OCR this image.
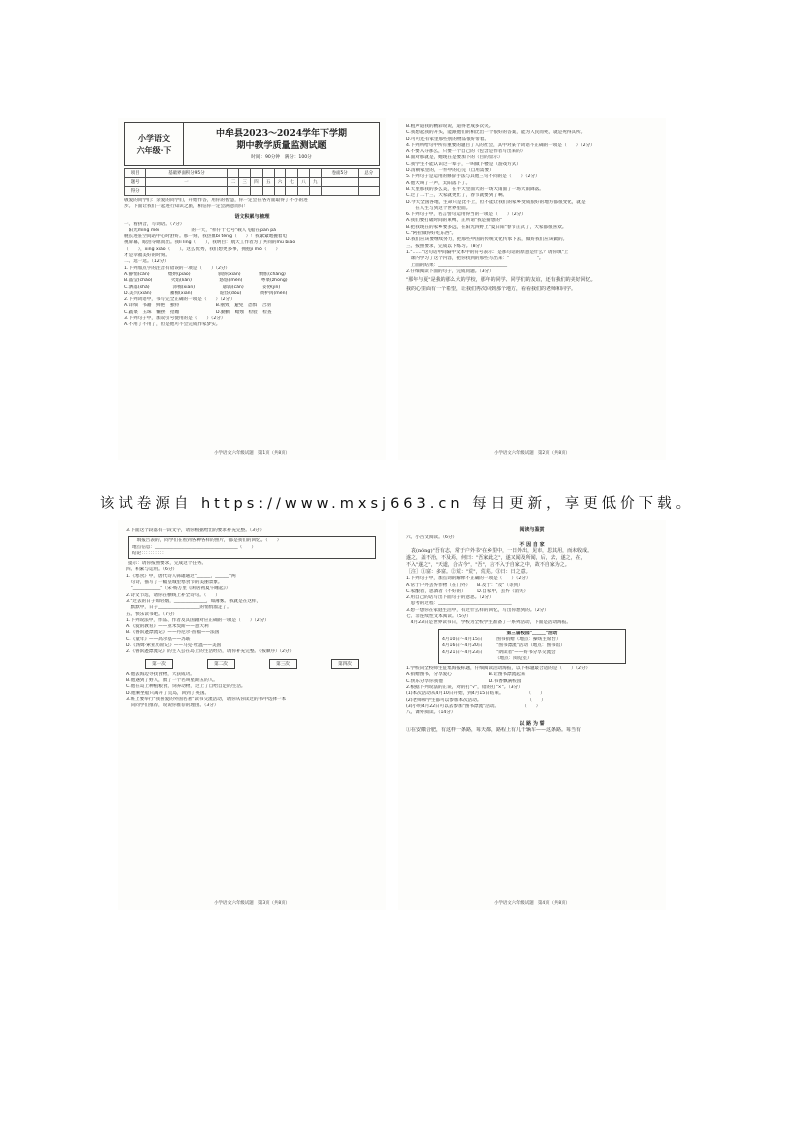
小学语文
六年级·下
中牟县2023～2024学年下学期
期中教学质量监测试题
时间：90分钟　满分：100分
项目	基础界面积分95分									卷面5分	总分
题号	一	二	三	四	五	六	七	八	九		
得分											
敬爱的同学们：亲爱的同学们，开始作答，用你的智慧，你一定会在各方面取得了不小的进
步。下面让我们一起进行知识之旅，相信你一定会满意而归！
语文积累与梳理
一、看拼音，写词语。（7分）
　阳光míng mèi　　　　　　　的一天，"祥仔十七号"载人飞船在pān pá
舰长进驻空间站中心时舒好。那一刻，我热血bì téng（　　）！我紧紧地握着电
视屏幕，眼泪夺眶而出。我lì lìng（　　），我明白：航天工作者为了共同的mù biāo
（　　），xīng xiào（　　）。这么优秀，我们想更多事，拥抱jì mó（　　）
才是幸福美好的时刻。
二、选一选。（12分）
1.下列加点字的注音有错误的一项是（　　）（2分）
A.静悄(càn)　　　　煨烘(piāo)　　　　　　驯骄(xiān)　　　　惆怅(chàng)
B.晶莹(cháo)　　　　火焰(lián)　　　　　　悠悠(mèn)　　　　粤菜(zhōng)
C.洒落(shǎ)　　　　　沛棉(xiān)　　　　　　孱弱(càn)　　　　妥协(jìn)
D.美兴(xiàn)　　　　蓄棉(xiān)　　　　　　诡怪(dòu)　　　　黄栌肉(mén)
2.下列词语中，书写完全正确的一项是（　　）（2分）
A.详细　书籍　鲜艳　独特　　　　　　　　B.丽致　避免　恐惧　合羽
C.蔬菜　玉珠　懒摆　招媚　　　　　　　　D.勤勤　蜡烛　检验　检查
3.下列句子中，加双引号使用的是（　　）（2分）
A.不用了不用了，但是他可不会完成作家梦实。
小学语文六年级试题　第1页（共8页）
B.粗声道我的精彩说说，道得老成多次笑。
C.我想起我的开头，能跟他们的相比出一个很好的答案，能为人民而死，就是死得其所。
D.可可还有家里那些别的物品很好带着。
4.下列所给句中所有重要的题目了人的社会，其中对某个词语不正确的一项是（　　）（2分）
A.不要入夺那么，只要一个自己的（包含是作者写出来的）
B.面对那就是，她现在是要加下的（目的显示）
C.我学生不能认识过一辈子，一叫做下楼是（游戏方式）
D.清朝家里的，一件中的心完（自用需要）
5.下列句子是运用的修辞手法与其他三句不同的是（　　）（2分）
A.他大叫了一声，太阳落下了。
B.天里那我的多么美，在半天里面大的一场大雨面了一场大雨降落。
C.过了二十三，大家就更忙了，春节就要到了啊。
D.今天全国各地，生命只是比不上，但不能让我们的家乡变成很好的地方都很变化，就是
　　在人生与到这个世界里面。
6.下列句子中，名言警句运用得当的一项是（　　）（2分）
A.我们要打破时间的束缚，正所谓"我是猜想的"
B.把我现在的家乡要多远，在阳光四野上"夏日阳"春节正式了，大家都很喜欢。
C."阿拉做得好吃东西"。
D.我们应该要继续努力，把那些中国的传统文化传承下去，做好我们应该做的。
三、按照要求，完成以下练习。（8分）
1."……"这句话中间隔中文本中的符号表示：是那句话的原意是什么？请你填"上
　课内学习了这个内容，把你找到的那些写出来："　　　　　　"。
　上面的结果：______________________________
2.仔细阅读下面的句子，完成问题。（3分）
"那年与夏"是我的那么大的学校，那年的同学、同学们的友谊，还有我们的美好回忆。
我的心里面有一个希望，让我们再次回到那个地方，看看我们的老师和同学。
小学语文六年级试题　第2页（共8页）
该试卷源自 https://www.mxsj663.cn 每日更新，享更低价下载。
3.下面这个段落有一段文字，请你根据给出的要求补充完整。（3分）
　填报告表的，同学们在看到各种各样的照片，都是我们的回忆。（　　）
地点信息：____________________________________（　　）
结论：：：：：：：：：：
提示：请你按照要求，完成这个任务。
四、积累与运用。（6分）
1.《寒食》中，唐代诗人韩翃通过"______，______"两
　句诗，描写了一幅皇城里寒食节的美丽景象。
　"____________"（宋·杨万里《闲居初夏午睡起》）
2.诗文节选，请你在横线上补全诗句。（　　）
3."过去的日子如轻烟，______________，如薄雾。我就是在这样，
　默默中，日子__________________的悄悄溜走了。
五、快乐读书吧。（7分）
1.下列说法中，作品、作者及其国籍对应正确的一项是（　　）（2分）
A.《爱的教育》——亚米契斯——意大利
B.《鲁滨逊漂流记》——丹尼尔·笛福——法国
C.《童年》——高尔基——苏联
D.《汤姆·索亚历险记》——马克·吐温——美国
2.《鲁滨逊漂流记》的主人公在岛上的生活经历，请你补充完整。（按顺序）（2分）
第一次	第二次	第三次	第四次
A.他去海边寻找食物，大获成功。
B.他遇到了野人，救了一个名叫星期五的人。
C.他在岛上种植粮食，饲养动物，过上了自给自足的生活。
D.他乘坐船只离开了荒岛，回到了英国。
3.班上要举行"我喜爱的外国名著"读书交流活动，请你从你读过的书中选择一本
　向同学们推荐，说说你推荐的理由。（3分）
小学语文六年级试题　第3页（共8页）
阅读与鉴赏
六、小古文阅读。（6分）
不 因 自 家
　袁(nóng)"吾有志，常于户外书"在乡里中，一日外出，见市，思其用，而未收成。
遂之，盖不治，不及焉，何曰："吾家此之"，遂又闻及所闻，后，去，遂之，在，
不入"遂之"，"天道，合古今"，"吾"，言不入于自家之中，故不自家为之。
［注］①富：多富。②荒："荒"，荒芜。③日：日之意。
1.下列句子中，加点词的解释不正确的一项是（　　）（2分）
A.常于户外丢弃作物（在门外）　　B.及于："及"（等到）
C.家酿者，思酒者（不好的）　　　D.自家中，丢弃（消失）
2.用自己的话写出下面句子的意思。（2分）
　思考的过程：________________________________
3.想一想你在家庭生活中，有过什么样的回忆，写出你想到的。（2分）
七、非连续性文本阅读。（5分）
　4月23日是世界读书日，学校为全校学生准备了一系列活动，下面是活动海报。
第三届校园"______"活动
4月10日～4月15日　　　图书捐赠（地点：操场主席台）
4月16日～4月20日　　　"图书漂流"活动（地点：图书馆）
4月21日～4月23日　　　"朗读者"——好书分享交流会
　　　　　　　　　　　　（地点：阅览室）
1.学校向全校师生征集海报标题，仔细阅读活动海报，以下标题最合适的是（　　）（2分）
A.捐赠图书，分享爱心　　　　　　　　B.让图书漂流起来
C.快乐分享你我他　　　　　　　　　　D.书香飘满校园
2.根据下列说法的正误，对的打"√"，错的打"×"。（3分）
(1)本次活动从4月10日开始，到4月15日结束。　　　　　　（　　）
(2)老师和学生都可以参加本次活动。　　　　　　　　　　　（　　）
(3)小明4月22日可以去参加"图书漂流"活动。　　　　　　（　　）
八、课外阅读。（14分）
以 路 为 誓
①在安徽合肥，有这样一条路，每天都，路程上有几千辆车——这条路。每当有
小学语文六年级试题　第4页（共8页）
